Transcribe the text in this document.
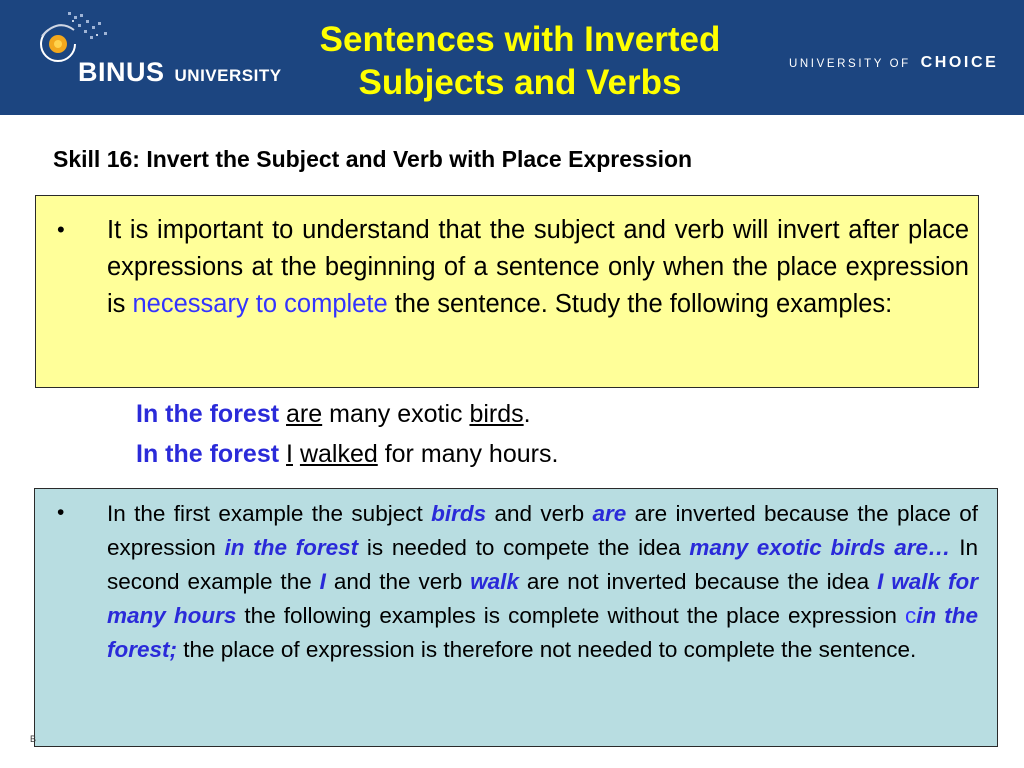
BINUS UNIVERSITY
Sentences with Inverted
Subjects and Verbs	UNIVERSITY OF CHOICE
Skill 16: Invert the Subject and Verb with Place Expression
• It is important to understand that the subject and verb will invert after place expressions at the beginning of a sentence only when the place expression is necessary to complete the sentence. Study the following examples:
In the forest are many exotic birds.
In the forest I walked for many hours.
• In the first example the subject birds and verb are are inverted because the place of expression in the forest is needed to compete the idea many exotic birds are… In second example the I and the verb walk are not inverted because the idea I walk for many hours the following examples is complete without the place expression cin the forest; the place of expression is therefore not needed to complete the sentence.
B
